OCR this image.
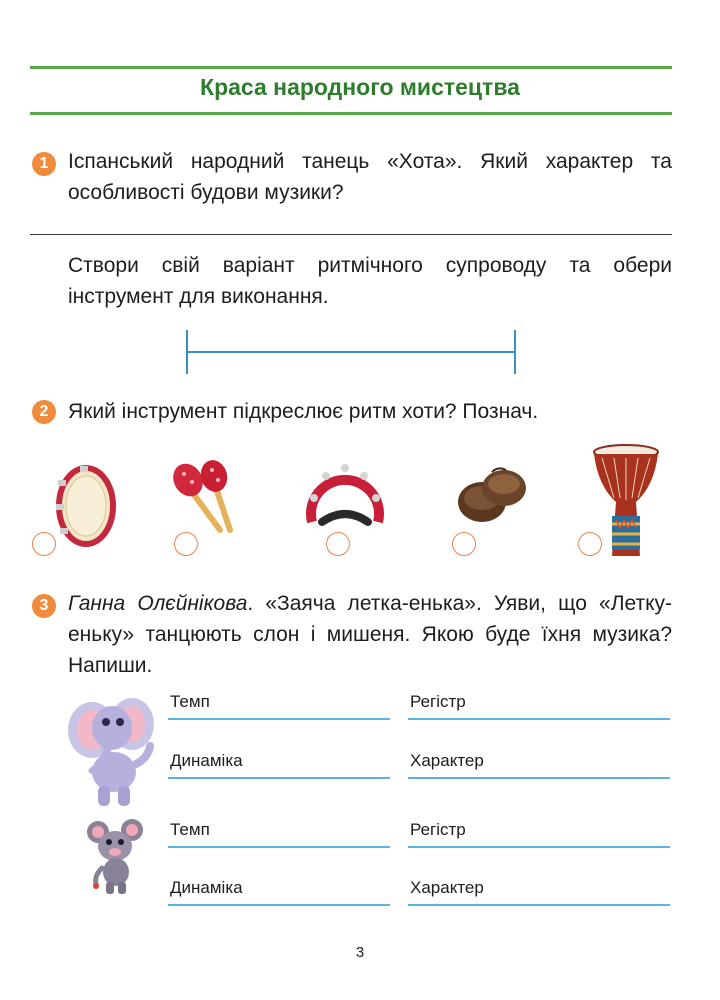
Краса народного мистецтва
1 Іспанський народний танець «Хота». Який характер та особливості будови музики?
Створи свій варіант ритмічного супроводу та обери інструмент для виконання.
2 Який інструмент підкреслює ритм хоти? Познач.
3 Ганна Олєйнікова. «Заяча летка-енька». Уяви, що «Летку-еньку» танцюють слон і мишеня. Якою буде їхня музика? Напиши.
Темп	Регістр
Динаміка	Характер
Темп	Регістр
Динаміка	Характер
3
